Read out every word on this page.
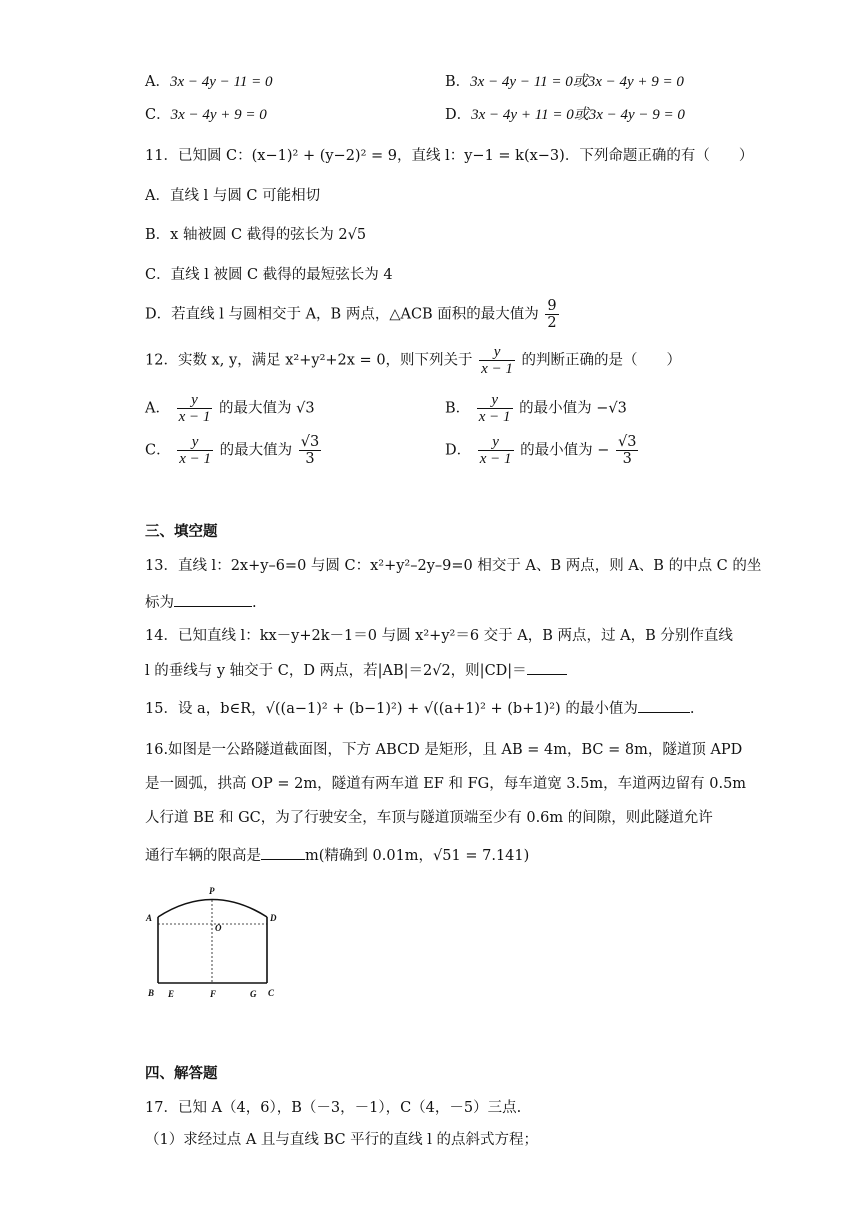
A．3x − 4y − 11 = 0	B．3x − 4y − 11 = 0或3x − 4y + 9 = 0
C．3x − 4y + 9 = 0	D．3x − 4y + 11 = 0或3x − 4y − 9 = 0
11．已知圆 C：(x−1)² + (y−2)² = 9，直线 l：y−1 = k(x−3)．下列命题正确的有（　　）
A．直线 l 与圆 C 可能相切
B．x 轴被圆 C 截得的弦长为 2√5
C．直线 l 被圆 C 截得的最短弦长为 4
D．若直线 l 与圆相交于 A，B 两点，△ACB 面积的最大值为 $\frac{9}{2}$
12．实数 x, y，满足 x²+y²+2x = 0，则下列关于 $\frac{y}{x - 1}$ 的判断正确的是（　　）
A． $\frac{y}{x - 1}$ 的最大值为 √3	B． $\frac{y}{x - 1}$ 的最小值为 −√3
C． $\frac{y}{x - 1}$ 的最大值为 $\frac{√3}{3}$	D． $\frac{y}{x - 1}$ 的最小值为 − $\frac{√3}{3}$
三、填空题
13．直线 l：2x+y–6=0 与圆 C：x²+y²–2y–9=0 相交于 A、B 两点，则 A、B 的中点 C 的坐
标为	.
14．已知直线 l：kx－y+2k－1＝0 与圆 x²+y²＝6 交于 A，B 两点，过 A，B 分别作直线
l 的垂线与 y 轴交于 C，D 两点，若|AB|＝2√2，则|CD|＝
15．设 a，b∈R，√((a−1)² + (b−1)²) + √((a+1)² + (b+1)²) 的最小值为	.
16.如图是一公路隧道截面图，下方 ABCD 是矩形，且 AB = 4m，BC = 8m，隧道顶 APD
是一圆弧，拱高 OP = 2m，隧道有两车道 EF 和 FG，每车道宽 3.5m，车道两边留有 0.5m
人行道 BE 和 GC，为了行驶安全，车顶与隧道顶端至少有 0.6m 的间隙，则此隧道允许
通行车辆的限高是	m(精确到 0.01m，√51 = 7.141)
P
A
O
D
B E	F	G C
四、解答题
17．已知 A（4，6），B（－3，－1），C（4，－5）三点.
（1）求经过点 A 且与直线 BC 平行的直线 l 的点斜式方程；
